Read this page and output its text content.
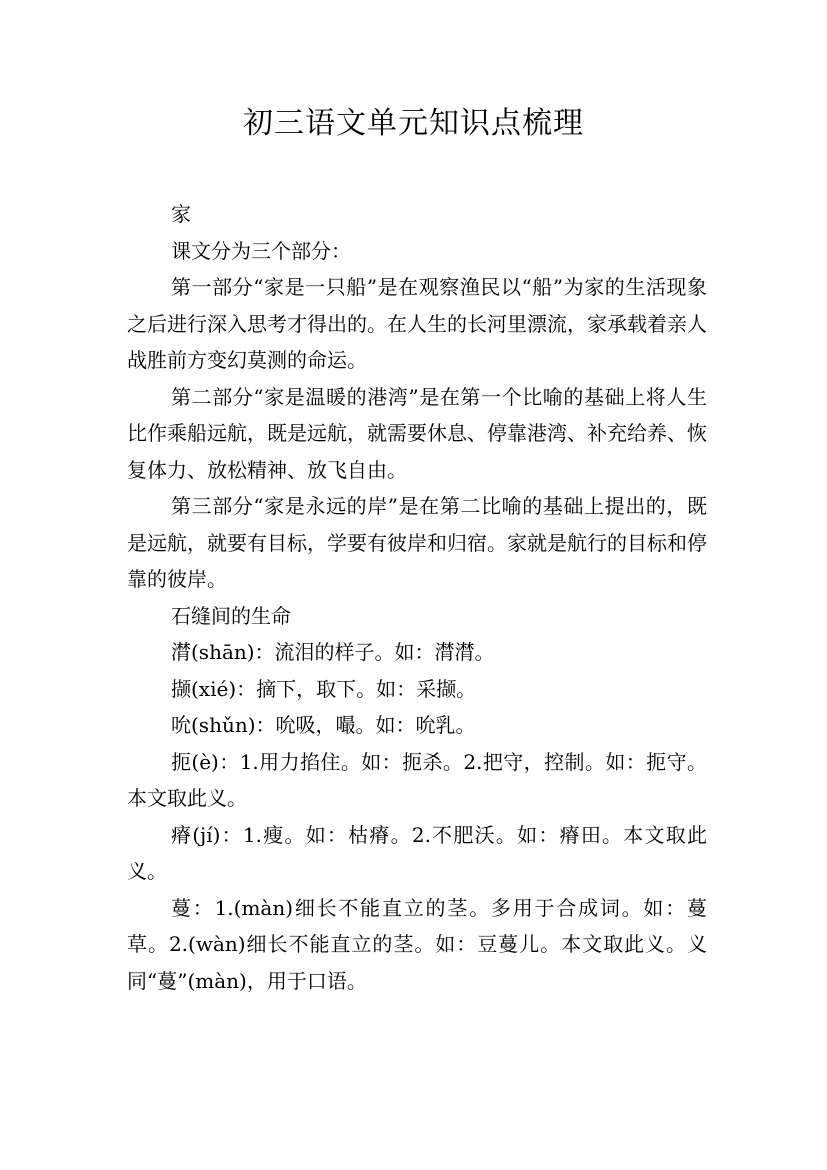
初三语文单元知识点梳理

家

课文分为三个部分：

第一部分“家是一只船”是在观察渔民以“船”为家的生活现象之后进行深入思考才得出的。在人生的长河里漂流，家承载着亲人战胜前方变幻莫测的命运。

第二部分“家是温暖的港湾”是在第一个比喻的基础上将人生比作乘船远航，既是远航，就需要休息、停靠港湾、补充给养、恢复体力、放松精神、放飞自由。

第三部分“家是永远的岸”是在第二比喻的基础上提出的，既是远航，就要有目标，学要有彼岸和归宿。家就是航行的目标和停靠的彼岸。

石缝间的生命

潸(shān)：流泪的样子。如：潸潸。

撷(xié)：摘下，取下。如：采撷。

吮(shǔn)：吮吸，嘬。如：吮乳。

扼(è)：1.用力掐住。如：扼杀。2.把守，控制。如：扼守。本文取此义。

瘠(jí)：1.瘦。如：枯瘠。2.不肥沃。如：瘠田。本文取此义。

蔓：1.(màn)细长不能直立的茎。多用于合成词。如：蔓草。2.(wàn)细长不能直立的茎。如：豆蔓儿。本文取此义。义同“蔓”(màn)，用于口语。
